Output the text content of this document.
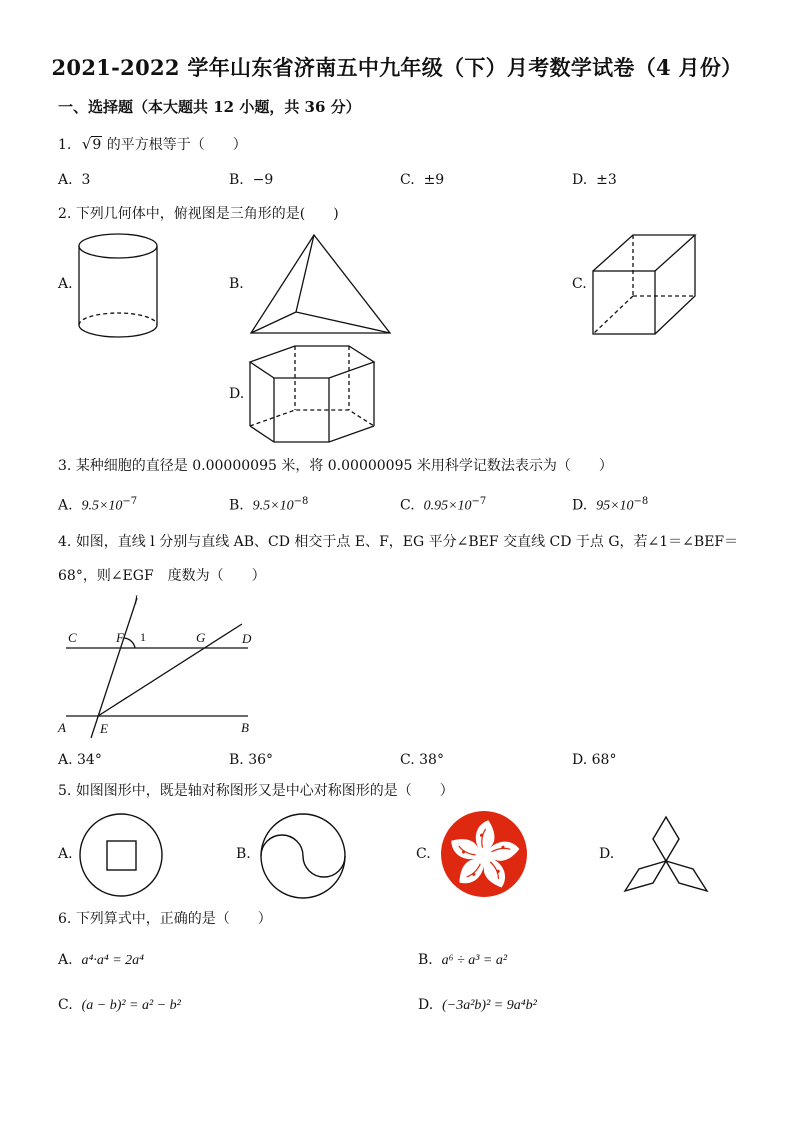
2021-2022 学年山东省济南五中九年级（下）月考数学试卷（4 月份）
一、选择题（本大题共 12 小题，共 36 分）
1. √9 的平方根等于（　　）
A. 3	B. −9	C. ±9	D. ±3
2. 下列几何体中，俯视图是三角形的是(　　)
A.	B.	C.
D.
3. 某种细胞的直径是 0.00000095 米，将 0.00000095 米用科学记数法表示为（　　）
A. $9.5\times 10^{-7}$	B. $9.5\times 10^{-8}$	C. $0.95\times 10^{-7}$	D. $95\times 10^{-8}$
4. 如图，直线 l 分别与直线 AB、CD 相交于点 E、F，EG 平分∠BEF 交直线 CD 于点 G，若∠1＝∠BEF＝
68°，则∠EGF　度数为（　　）
l
C	F	G	D
A	E	B
1
A. 34°	B. 36°	C. 38°	D. 68°
5. 如图图形中，既是轴对称图形又是中心对称图形的是（　　）
A.	B.	C.	D.
6. 下列算式中，正确的是（　　）
A. a⁴·a⁴ = 2a⁴	B. a⁶ ÷ a³ = a²
C. (a − b)² = a² − b²	D. (−3a²b)² = 9a⁴b²
